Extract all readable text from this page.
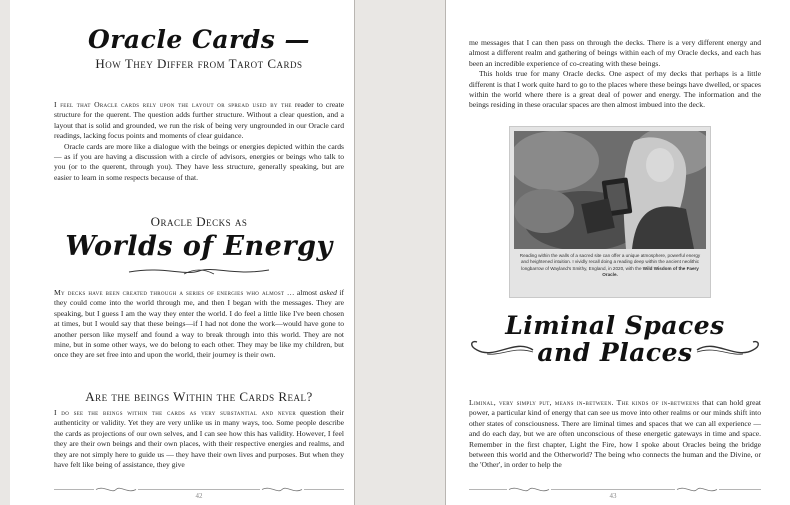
Oracle Cards —
How They Differ from Tarot Cards

I feel that Oracle cards rely upon the layout or spread used by the reader to create structure for the querent. The question adds further structure. Without a clear question, and a layout that is solid and grounded, we run the risk of being very ungrounded in our Oracle card readings, lacking focus points and moments of clear guidance.

Oracle cards are more like a dialogue with the beings or energies depicted within the cards — as if you are having a discussion with a circle of advisors, energies or beings who talk to you (or to the querent, through you). They have less structure, generally speaking, but are easier to learn in some respects because of that.

Oracle Decks as
Worlds of Energy

My decks have been created through a series of energies who almost … almost asked if they could come into the world through me, and then I began with the messages. They are speaking, but I guess I am the way they enter the world. I do feel a little like I've been chosen at times, but I would say that these beings—if I had not done the work—would have gone to another person like myself and found a way to break through into this world. They are not mine, but in some other ways, we do belong to each other. They may be like my children, but once they are set free into and upon the world, their journey is their own.

Are the beings Within the Cards Real?

I do see the beings within the cards as very substantial and never question their authenticity or validity. Yet they are very unlike us in many ways, too. Some people describe the cards as projections of our own selves, and I can see how this has validity. However, I feel they are their own beings and their own places, with their respective energies and realms, and they are not simply here to guide us — they have their own lives and purposes. But when they have felt like being of assistance, they give

42

me messages that I can then pass on through the decks. There is a very different energy and almost a different realm and gathering of beings within each of my Oracle decks, and each has been an incredible experience of co-creating with these beings.

This holds true for many Oracle decks. One aspect of my decks that perhaps is a little different is that I work quite hard to go to the places where these beings have dwelled, or spaces within the world where there is a great deal of power and energy. The information and the beings residing in these oracular spaces are then almost imbued into the deck.

Reading within the walls of a sacred site can offer a unique atmosphere, powerful energy and heightened intuition. I vividly recall doing a reading deep within the ancient neolithic longbarrow of Wayland's Smithy, England, in 2020, with the Wild Wisdom of the Faery Oracle.
Liminal Spaces
and Places

Liminal, very simply put, means in-between. The kinds of in-betweens that can hold great power, a particular kind of energy that can see us move into other realms or our minds shift into other states of consciousness. There are liminal times and spaces that we can all experience — and do each day, but we are often unconscious of these energetic gateways in time and space. Remember in the first chapter, Light the Fire, how I spoke about Oracles being the bridge between this world and the Otherworld? The being who connects the human and the Divine, or the 'Other', in order to help the

43
